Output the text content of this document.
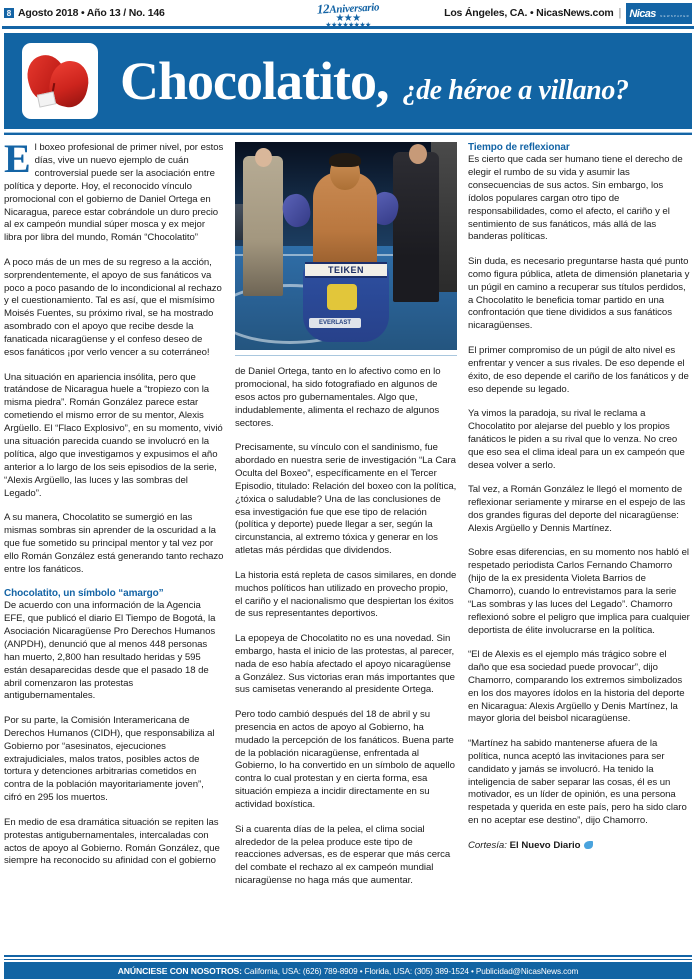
8 Agosto 2018 • Año 13 / No. 146	12Aniversario
★★★
★★★★★★★★
Los Ángeles, CA. • NicasNews.com | Nicas N E W S P A P E R
Chocolatito, ¿de héroe a villano?

El boxeo profesional de primer nivel, por estos días, vive un nuevo ejemplo de cuán controversial puede ser la asociación entre política y deporte. Hoy, el reconocido vínculo promocional con el gobierno de Daniel Ortega en Nicaragua, parece estar cobrándole un duro precio al ex campeón mundial súper mosca y ex mejor libra por libra del mundo, Román “Chocolatito”

A poco más de un mes de su regreso a la acción, sorprendentemente, el apoyo de sus fanáticos va poco a poco pasando de lo incondicional al rechazo y el cuestionamiento. Tal es así, que el mismísimo Moisés Fuentes, su próximo rival, se ha mostrado asombrado con el apoyo que recibe desde la fanaticada nicaragüense y el confeso deseo de esos fanáticos ¡por verlo vencer a su coterráneo!

Una situación en apariencia insólita, pero que tratándose de Nicaragua huele a “tropiezo con la misma piedra”. Román González parece estar cometiendo el mismo error de su mentor, Alexis Argüello. El “Flaco Explosivo”, en su momento, vivió una situación parecida cuando se involucró en la política, algo que investigamos y expusimos el año anterior a lo largo de los seis episodios de la serie, “Alexis Argüello, las luces y las sombras del Legado”.

A su manera, Chocolatito se sumergió en las mismas sombras sin aprender de la oscuridad a la que fue sometido su principal mentor y tal vez por ello Román González está generando tanto rechazo entre los fanáticos.

Chocolatito, un símbolo “amargo”

De acuerdo con una información de la Agencia EFE, que publicó el diario El Tiempo de Bogotá, la Asociación Nicaragüense Pro Derechos Humanos (ANPDH), denunció que al menos 448 personas han muerto, 2,800 han resultado heridas y 595 están desaparecidas desde que el pasado 18 de abril comenzaron las protestas antigubernamentales.

Por su parte, la Comisión Interamericana de Derechos Humanos (CIDH), que responsabiliza al Gobierno por “asesinatos, ejecuciones extrajudiciales, malos tratos, posibles actos de tortura y detenciones arbitrarias cometidos en contra de la población mayoritariamente joven”, cifró en 295 los muertos.

En medio de esa dramática situación se repiten las protestas antigubernamentales, intercaladas con actos de apoyo al Gobierno. Román González, que siempre ha reconocido su afinidad con el gobierno

TEIKEN
EVERLAST

de Daniel Ortega, tanto en lo afectivo como en lo promocional, ha sido fotografiado en algunos de esos actos pro gubernamentales. Algo que, indudablemente, alimenta el rechazo de algunos sectores.

Precisamente, su vínculo con el sandinismo, fue abordado en nuestra serie de investigación “La Cara Oculta del Boxeo”, específicamente en el Tercer Episodio, titulado: Relación del boxeo con la política, ¿tóxica o saludable? Una de las conclusiones de esa investigación fue que ese tipo de relación (política y deporte) puede llegar a ser, según la circunstancia, al extremo tóxica y generar en los atletas más pérdidas que dividendos.

La historia está repleta de casos similares, en donde muchos políticos han utilizado en provecho propio, el cariño y el nacionalismo que despiertan los éxitos de sus representantes deportivos.

La epopeya de Chocolatito no es una novedad. Sin embargo, hasta el inicio de las protestas, al parecer, nada de eso había afectado el apoyo nicaragüense a González. Sus victorias eran más importantes que sus camisetas venerando al presidente Ortega.

Pero todo cambió después del 18 de abril y su presencia en actos de apoyo al Gobierno, ha mudado la percepción de los fanáticos. Buena parte de la población nicaragüense, enfrentada al Gobierno, lo ha convertido en un símbolo de aquello contra lo cual protestan y en cierta forma, esa situación empieza a incidir directamente en su actividad boxística.

Si a cuarenta días de la pelea, el clima social alrededor de la pelea produce este tipo de reacciones adversas, es de esperar que más cerca del combate el rechazo al ex campeón mundial nicaragüense no haga más que aumentar.

Tiempo de reflexionar

Es cierto que cada ser humano tiene el derecho de elegir el rumbo de su vida y asumir las consecuencias de sus actos. Sin embargo, los ídolos populares cargan otro tipo de responsabilidades, como el afecto, el cariño y el sentimiento de sus fanáticos, más allá de las banderas políticas.

Sin duda, es necesario preguntarse hasta qué punto como figura pública, atleta de dimensión planetaria y un púgil en camino a recuperar sus títulos perdidos, a Chocolatito le beneficia tomar partido en una confrontación que tiene divididos a sus fanáticos nicaragüenses.

El primer compromiso de un púgil de alto nivel es enfrentar y vencer a sus rivales. De eso depende el éxito, de eso depende el cariño de los fanáticos y de eso depende su legado.

Ya vimos la paradoja, su rival le reclama a Chocolatito por alejarse del pueblo y los propios fanáticos le piden a su rival que lo venza. No creo que eso sea el clima ideal para un ex campeón que desea volver a serlo.

Tal vez, a Román González le llegó el momento de reflexionar seriamente y mirarse en el espejo de las dos grandes figuras del deporte del nicaragüense: Alexis Argüello y Dennis Martínez.

Sobre esas diferencias, en su momento nos habló el respetado periodista Carlos Fernando Chamorro (hijo de la ex presidenta Violeta Barrios de Chamorro), cuando lo entrevistamos para la serie “Las sombras y las luces del Legado”. Chamorro reflexionó sobre el peligro que implica para cualquier deportista de élite involucrarse en la política.

“El de Alexis es el ejemplo más trágico sobre el daño que esa sociedad puede provocar”, dijo Chamorro, comparando los extremos simbolizados en los dos mayores ídolos en la historia del deporte en Nicaragua: Alexis Argüello y Denis Martínez, la mayor gloria del beisbol nicaragüense.

“Martínez ha sabido mantenerse afuera de la política, nunca aceptó las invitaciones para ser candidato y jamás se involucró. Ha tenido la inteligencia de saber separar las cosas, él es un motivador, es un líder de opinión, es una persona respetada y querida en este país, pero ha sido claro en no aceptar ese destino”, dijo Chamorro.

Cortesía: El Nuevo Diario
ANÚNCIESE CON NOSOTROS: California, USA: (626) 789-8909 • Florida, USA: (305) 389-1524 • Publicidad@NicasNews.com
